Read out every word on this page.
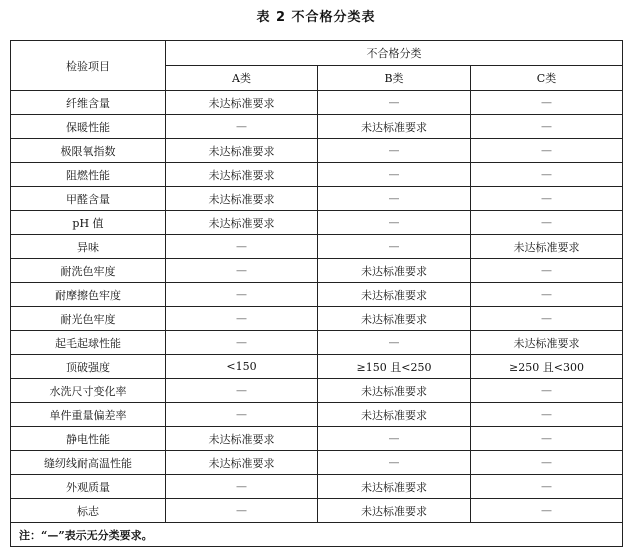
表 2 不合格分类表
检验项目	不合格分类		
	A类	B类	C类
纤维含量	未达标准要求	—	—
保暖性能	—	未达标准要求	—
极限氧指数	未达标准要求	—	—
阻燃性能	未达标准要求	—	—
甲醛含量	未达标准要求	—	—
pH 值	未达标准要求	—	—
异味	—	—	未达标准要求
耐洗色牢度	—	未达标准要求	—
耐摩擦色牢度	—	未达标准要求	—
耐光色牢度	—	未达标准要求	—
起毛起球性能	—	—	未达标准要求
顶破强度	<150	≥150 且<250	≥250 且<300
水洗尺寸变化率	—	未达标准要求	—
单件重量偏差率	—	未达标准要求	—
静电性能	未达标准要求	—	—
缝纫线耐高温性能	未达标准要求	—	—
外观质量	—	未达标准要求	—
标志	—	未达标准要求	—
注：“—”表示无分类要求。			
